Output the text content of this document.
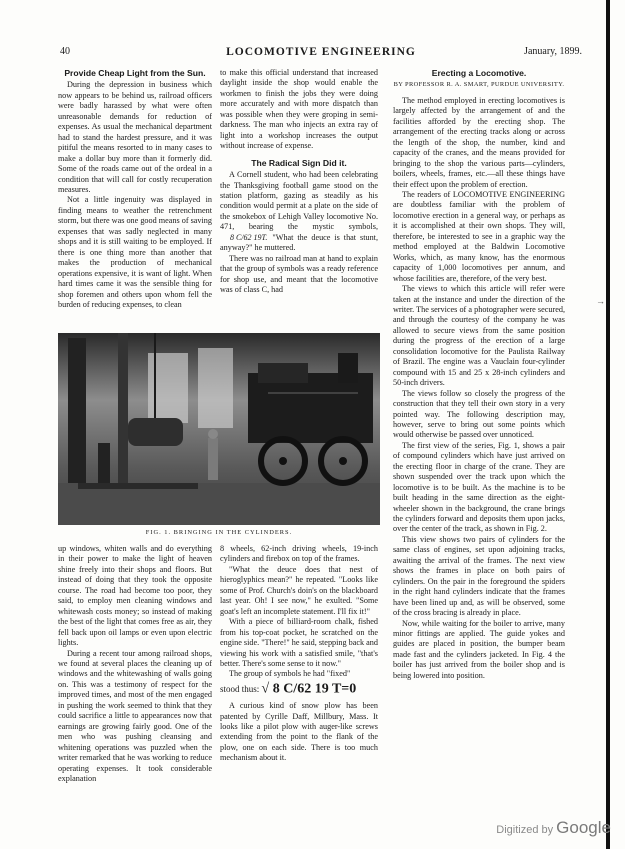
40	LOCOMOTIVE ENGINEERING	January, 1899.
Provide Cheap Light from the Sun.

During the depression in business which now appears to be behind us, railroad officers were badly harassed by what were often unreasonable demands for reduction of expenses. As usual the mechanical department had to stand the hardest pressure, and it was pitiful the means resorted to in many cases to make a dollar buy more than it formerly did. Some of the roads came out of the ordeal in a condition that will call for costly recuperation measures.

Not a little ingenuity was displayed in finding means to weather the retrenchment storm, but there was one good means of saving expenses that was sadly neglected in many shops and it is still waiting to be employed. If there is one thing more than another that makes the production of mechanical operations expensive, it is want of light. When hard times came it was the sensible thing for shop foremen and others upon whom fell the burden of reducing expenses, to clean

to make this official understand that increased daylight inside the shop would enable the workmen to finish the jobs they were doing more accurately and with more dispatch than was possible when they were groping in semi-darkness. The man who injects an extra ray of light into a workshop increases the output without increase of expense.

The Radical Sign Did it.

A Cornell student, who had been celebrating the Thanksgiving football game stood on the station platform, gazing as steadily as his condition would permit at a plate on the side of the smokebox of Lehigh Valley locomotive No. 471, bearing the mystic symbols, 8 C/62 19T. "What the deuce is that stunt, anyway?" he muttered.

There was no railroad man at hand to explain that the group of symbols was a ready reference for shop use, and meant that the locomotive was of class C, had

Erecting a Locomotive.
BY PROFESSOR R. A. SMART, PURDUE UNIVERSITY.

The method employed in erecting locomotives is largely affected by the arrangement of and the facilities afforded by the erecting shop. The arrangement of the erecting tracks along or across the length of the shop, the number, kind and capacity of the cranes, and the means provided for bringing to the shop the various parts—cylinders, boilers, wheels, frames, etc.—all these things have their effect upon the problem of erection.

The readers of LOCOMOTIVE ENGINEERING are doubtless familiar with the problem of locomotive erection in a general way, or perhaps as it is accomplished at their own shops. They will, therefore, be interested to see in a graphic way the method employed at the Baldwin Locomotive Works, which, as many know, has the enormous capacity of 1,000 locomotives per annum, and whose facilities are, therefore, of the very best.

The views to which this article will refer were taken at the instance and under the direction of the writer. The services of a photographer were secured, and through the courtesy of the company he was allowed to secure views from the same position during the progress of the erection of a large consolidation locomotive for the Paulista Railway of Brazil. The engine was a Vauclain four-cylinder compound with 15 and 25 x 28-inch cylinders and 50-inch drivers.

The views follow so closely the progress of the construction that they tell their own story in a very pointed way. The following description may, however, serve to bring out some points which would otherwise be passed over unnoticed.

The first view of the series, Fig. 1, shows a pair of compound cylinders which have just arrived on the erecting floor in charge of the crane. They are shown suspended over the track upon which the locomotive is to be built. As the machine is to be built heading in the same direction as the eight-wheeler shown in the background, the crane brings the cylinders forward and deposits them upon jacks, over the center of the track, as shown in Fig. 2.

This view shows two pairs of cylinders for the same class of engines, set upon adjoining tracks, awaiting the arrival of the frames. The next view shows the frames in place on both pairs of cylinders. On the pair in the foreground the spiders in the right hand cylinders indicate that the frames have been lined up and, as will be observed, some of the cross bracing is already in place.

Now, while waiting for the boiler to arrive, many minor fittings are applied. The guide yokes and guides are placed in position, the bumper beam made fast and the cylinders jacketed. In Fig. 4 the boiler has just arrived from the boiler shop and is being lowered into position.

FIG. 1. BRINGING IN THE CYLINDERS.

up windows, whiten walls and do everything in their power to make the light of heaven shine freely into their shops and floors. But instead of doing that they took the opposite course. The road had become too poor, they said, to employ men cleaning windows and whitewash costs money; so instead of making the best of the light that comes free as air, they fell back upon oil lamps or even upon electric lights.

During a recent tour among railroad shops, we found at several places the cleaning up of windows and the whitewashing of walls going on. This was a testimony of respect for the improved times, and most of the men engaged in pushing the work seemed to think that they could sacrifice a little to appearances now that earnings are growing fairly good. One of the men who was pushing cleansing and whitening operations was puzzled when the writer remarked that he was working to reduce operating expenses. It took considerable explanation

8 wheels, 62-inch driving wheels, 19-inch cylinders and firebox on top of the frames.

"What the deuce does that nest of hieroglyphics mean?" he repeated. "Looks like some of Prof. Church's doin's on the blackboard last year. Oh! I see now," he exulted. "Some goat's left an incomplete statement. I'll fix it!"

With a piece of billiard-room chalk, fished from his top-coat pocket, he scratched on the engine side. "There!" he said, stepping back and viewing his work with a satisfied smile, "that's better. There's some sense to it now."

The group of symbols he had "fixed"

stood thus: √ 8 C/62 19 T=0

A curious kind of snow plow has been patented by Cyrille Daff, Millbury, Mass. It looks like a pilot plow with auger-like screws extending from the point to the flank of the plow, one on each side. There is too much mechanism about it.

→
Digitized by Google
